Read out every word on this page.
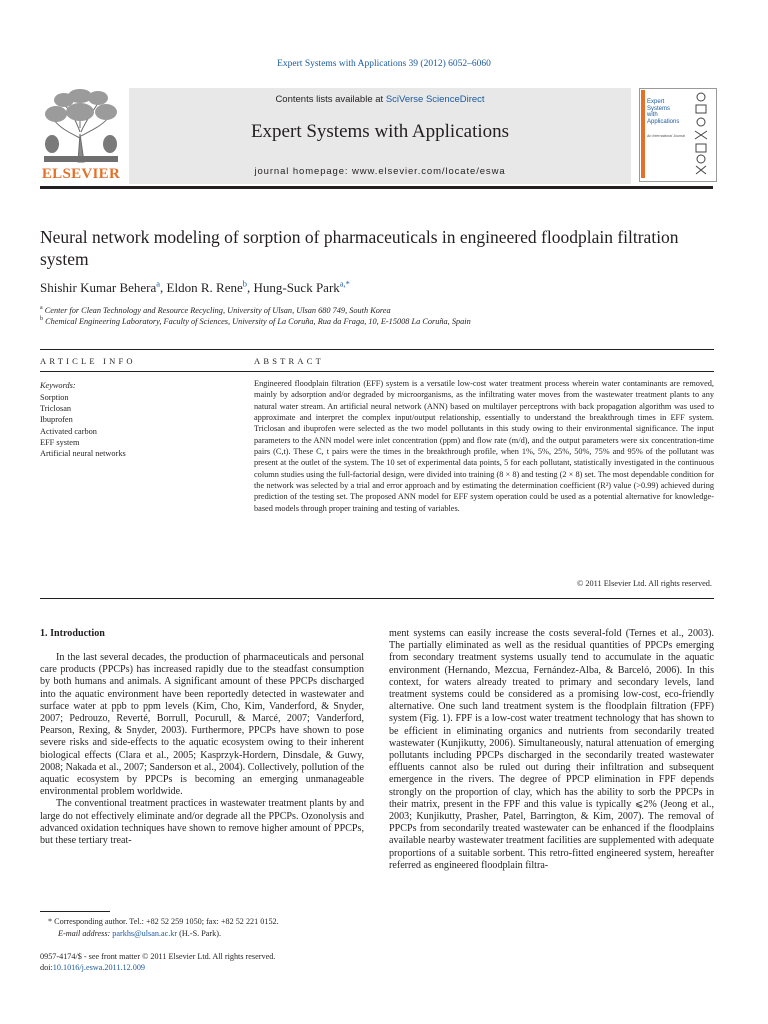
Expert Systems with Applications 39 (2012) 6052–6060
Contents lists available at SciVerse ScienceDirect
Expert Systems with Applications
journal homepage: www.elsevier.com/locate/eswa
ELSEVIER
Expert
Systems
with
Applications
An International Journal
Neural network modeling of sorption of pharmaceuticals in engineered floodplain filtration system
Shishir Kumar Behera$^a$, Eldon R. Rene$^b$, Hung-Suck Park$^{a,*}$
$^a$ Center for Clean Technology and Resource Recycling, University of Ulsan, Ulsan 680 749, South Korea
$^b$ Chemical Engineering Laboratory, Faculty of Sciences, University of La Coruña, Rua da Fraga, 10, E-15008 La Coruña, Spain
ARTICLE INFO	ABSTRACT
Keywords:
Sorption
Triclosan
Ibuprofen
Activated carbon
EFF system
Artificial neural networks
Engineered floodplain filtration (EFF) system is a versatile low-cost water treatment process wherein water contaminants are removed, mainly by adsorption and/or degraded by microorganisms, as the infiltrating water moves from the wastewater treatment plants to any natural water stream. An artificial neural network (ANN) based on multilayer perceptrons with back propagation algorithm was used to approximate and interpret the complex input/output relationship, essentially to understand the breakthrough times in EFF system. Triclosan and ibuprofen were selected as the two model pollutants in this study owing to their environmental significance. The input parameters to the ANN model were inlet concentration (ppm) and flow rate (m/d), and the output parameters were six concentration-time pairs (C,t). These C, t pairs were the times in the breakthrough profile, when 1%, 5%, 25%, 50%, 75% and 95% of the pollutant was present at the outlet of the system. The 10 set of experimental data points, 5 for each pollutant, statistically investigated in the continuous column studies using the full-factorial design, were divided into training (8 × 8) and testing (2 × 8) set. The most dependable condition for the network was selected by a trial and error approach and by estimating the determination coefficient (R²) value (>0.99) achieved during prediction of the testing set. The proposed ANN model for EFF system operation could be used as a potential alternative for knowledge-based models through proper training and testing of variables.
© 2011 Elsevier Ltd. All rights reserved.
1. Introduction

In the last several decades, the production of pharmaceuticals and personal care products (PPCPs) has increased rapidly due to the steadfast consumption by both humans and animals. A significant amount of these PPCPs discharged into the aquatic environment have been reportedly detected in wastewater and surface water at ppb to ppm levels (Kim, Cho, Kim, Vanderford, & Snyder, 2007; Pedrouzo, Reverté, Borrull, Pocurull, & Marcé, 2007; Vanderford, Pearson, Rexing, & Snyder, 2003). Furthermore, PPCPs have shown to pose severe risks and side-effects to the aquatic ecosystem owing to their inherent biological effects (Clara et al., 2005; Kasprzyk-Hordern, Dinsdale, & Guwy, 2008; Nakada et al., 2007; Sanderson et al., 2004). Collectively, pollution of the aquatic ecosystem by PPCPs is becoming an emerging unmanageable environmental problem worldwide.

The conventional treatment practices in wastewater treatment plants by and large do not effectively eliminate and/or degrade all the PPCPs. Ozonolysis and advanced oxidation techniques have shown to remove higher amount of PPCPs, but these tertiary treat-

ment systems can easily increase the costs several-fold (Ternes et al., 2003). The partially eliminated as well as the residual quantities of PPCPs emerging from secondary treatment systems usually tend to accumulate in the aquatic environment (Hernando, Mezcua, Fernández-Alba, & Barceló, 2006). In this context, for waters already treated to primary and secondary levels, land treatment systems could be considered as a promising low-cost, eco-friendly alternative. One such land treatment system is the floodplain filtration (FPF) system (Fig. 1). FPF is a low-cost water treatment technology that has shown to be efficient in eliminating organics and nutrients from secondarily treated wastewater (Kunjikutty, 2006). Simultaneously, natural attenuation of emerging pollutants including PPCPs discharged in the secondarily treated wastewater effluents cannot also be ruled out during their infiltration and subsequent emergence in the rivers. The degree of PPCP elimination in FPF depends strongly on the proportion of clay, which has the ability to sorb the PPCPs in their matrix, present in the FPF and this value is typically ⩽2% (Jeong et al., 2003; Kunjikutty, Prasher, Patel, Barrington, & Kim, 2007). The removal of PPCPs from secondarily treated wastewater can be enhanced if the floodplains available nearby wastewater treatment facilities are supplemented with adequate proportions of a suitable sorbent. This retro-fitted engineered system, hereafter referred as engineered floodplain filtra-

* Corresponding author. Tel.: +82 52 259 1050; fax: +82 52 221 0152.
E-mail address: parkhs@ulsan.ac.kr (H.-S. Park).
0957-4174/$ - see front matter © 2011 Elsevier Ltd. All rights reserved.
doi:10.1016/j.eswa.2011.12.009
